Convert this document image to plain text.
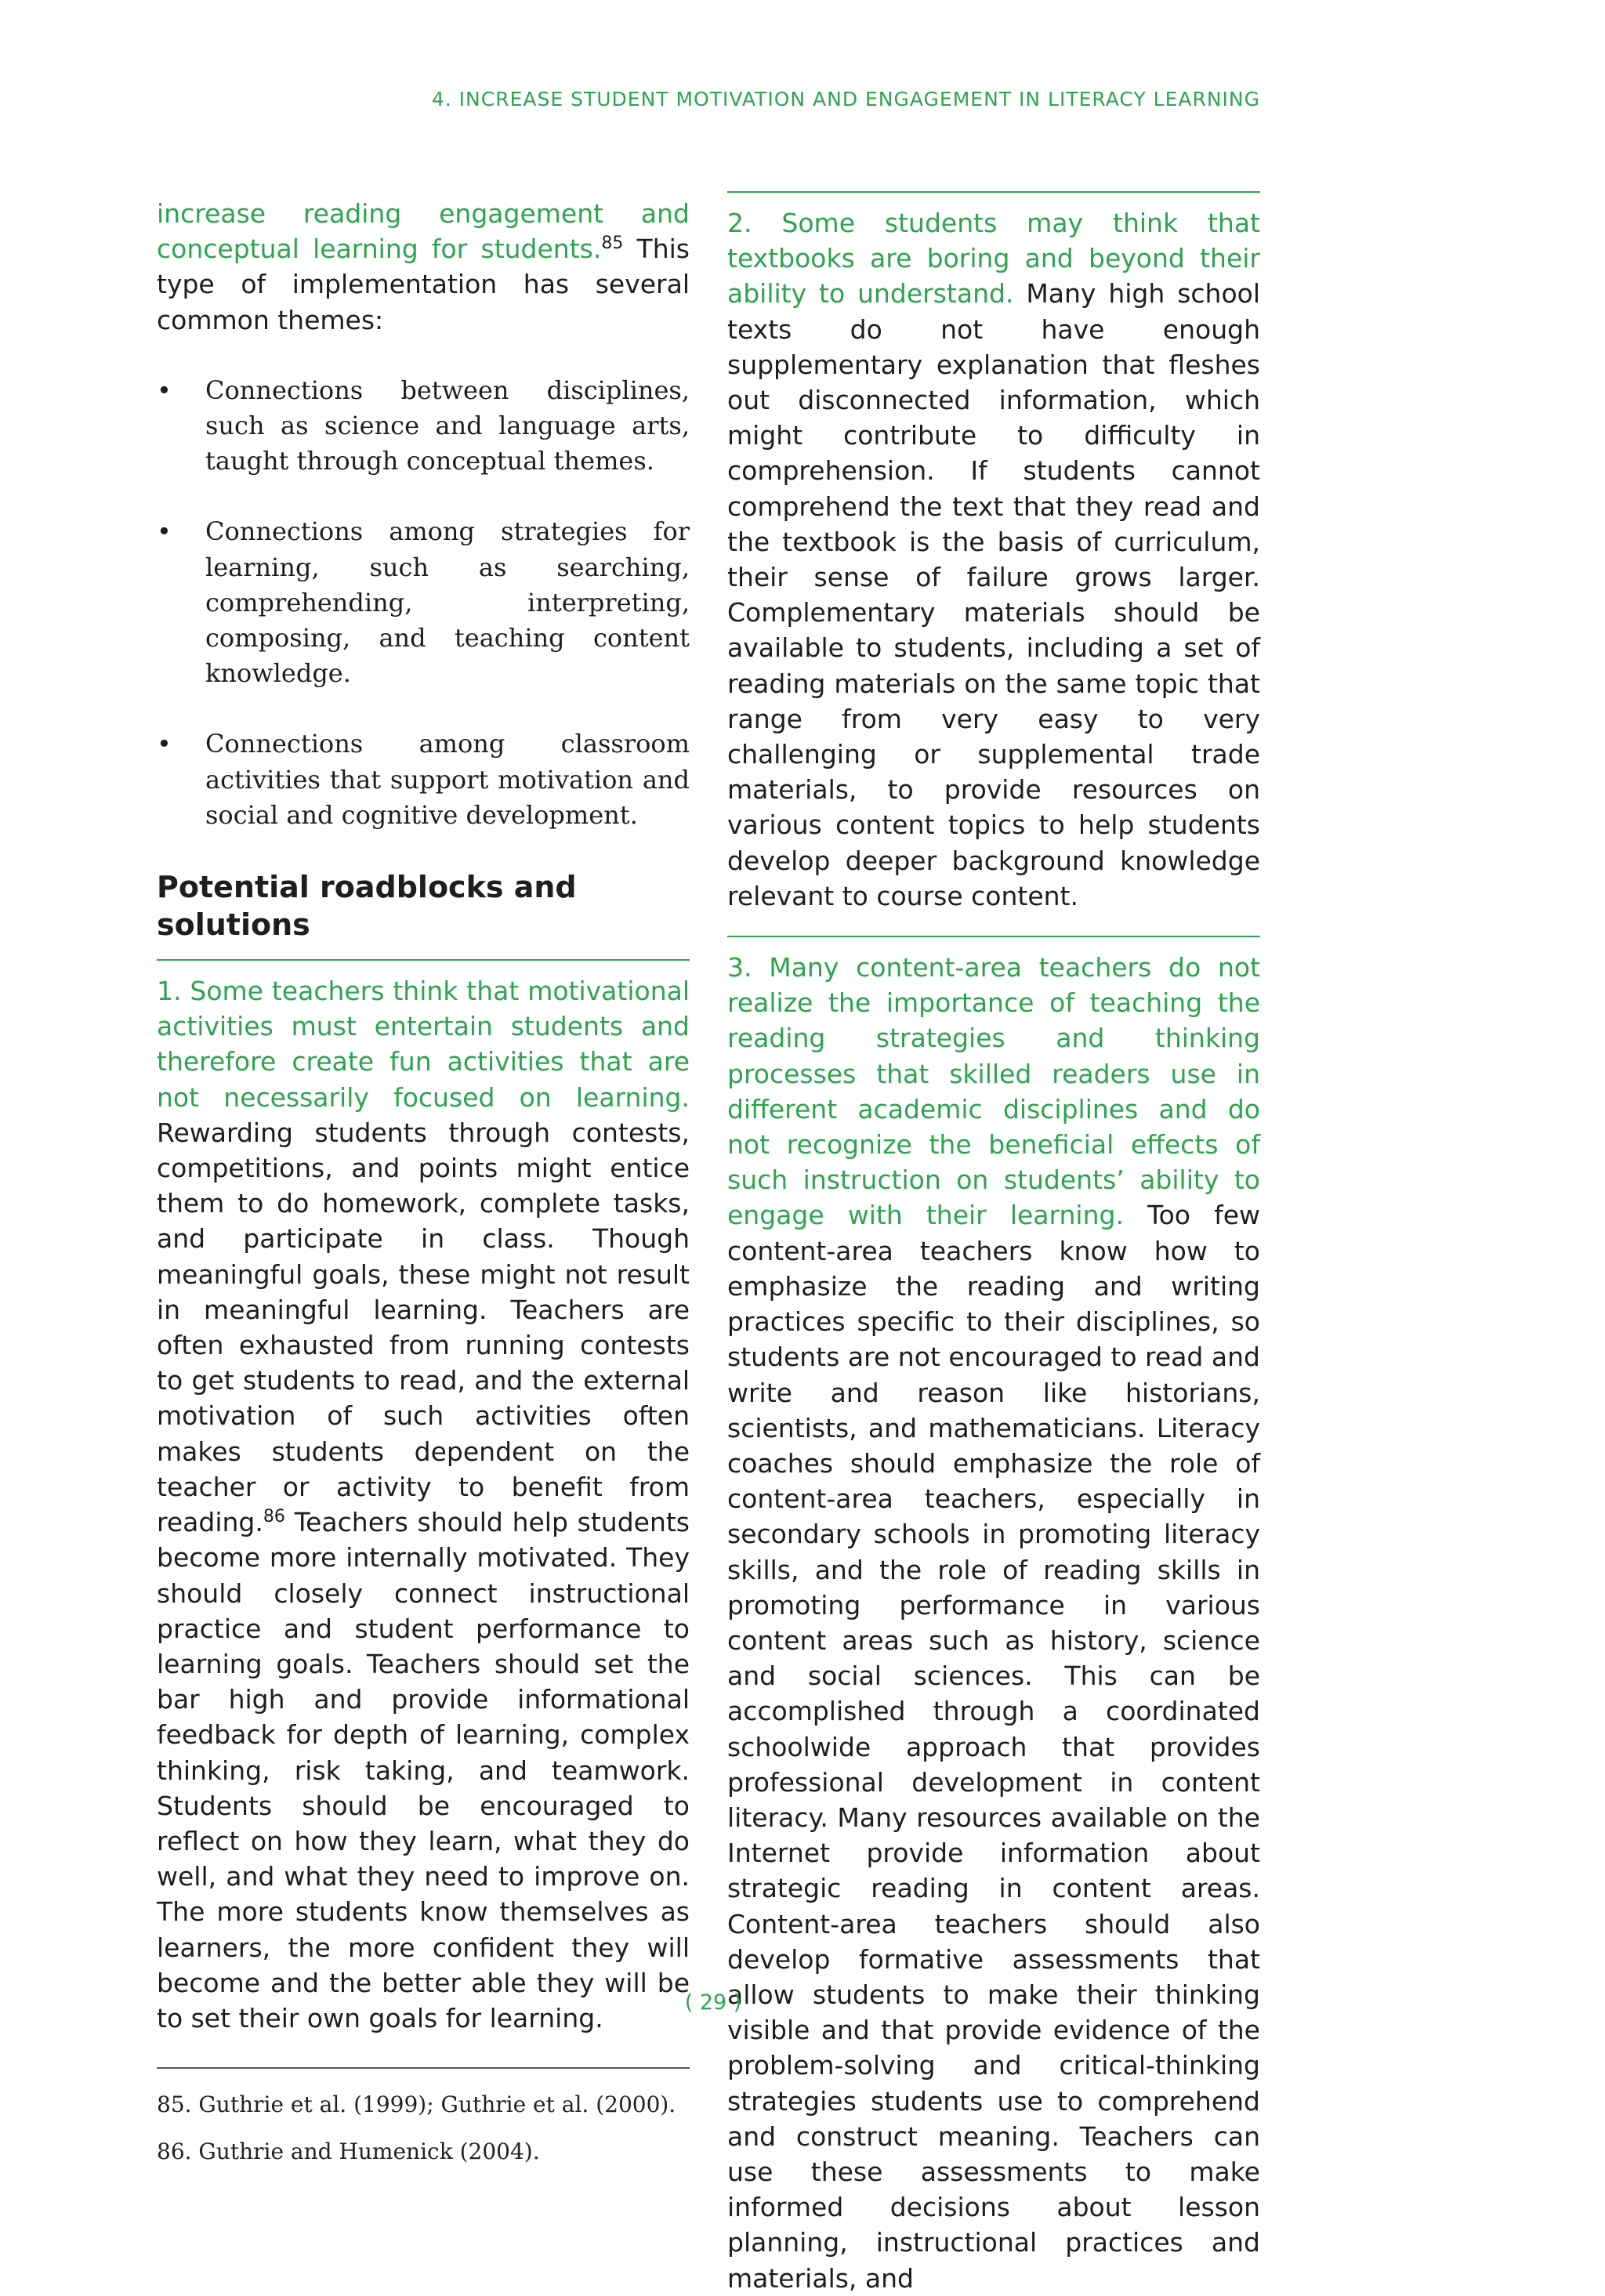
4. INCREASE STUDENT MOTIVATION AND ENGAGEMENT IN LITERACY LEARNING

increase reading engagement and conceptual learning for students.$^{85}$ This type of implementation has several common themes:

• Connections between disciplines, such as science and language arts, taught through conceptual themes.
• Connections among strategies for learning, such as searching, comprehending, interpreting, composing, and teaching content knowledge.
• Connections among classroom activities that support motivation and social and cognitive development.
Potential roadblocks and solutions

1. Some teachers think that motivational activities must entertain students and therefore create fun activities that are not necessarily focused on learning. Rewarding students through contests, competitions, and points might entice them to do homework, complete tasks, and participate in class. Though meaningful goals, these might not result in meaningful learning. Teachers are often exhausted from running contests to get students to read, and the external motivation of such activities often makes students dependent on the teacher or activity to benefit from reading.$^{86}$ Teachers should help students become more internally motivated. They should closely connect instructional practice and student performance to learning goals. Teachers should set the bar high and provide informational feedback for depth of learning, complex thinking, risk taking, and teamwork. Students should be encouraged to reflect on how they learn, what they do well, and what they need to improve on. The more students know themselves as learners, the more confident they will become and the better able they will be to set their own goals for learning.

85. Guthrie et al. (1999); Guthrie et al. (2000).
86. Guthrie and Humenick (2004).

2. Some students may think that textbooks are boring and beyond their ability to understand. Many high school texts do not have enough supplementary explanation that fleshes out disconnected information, which might contribute to difficulty in comprehension. If students cannot comprehend the text that they read and the textbook is the basis of curriculum, their sense of failure grows larger. Complementary materials should be available to students, including a set of reading materials on the same topic that range from very easy to very challenging or supplemental trade materials, to provide resources on various content topics to help students develop deeper background knowledge relevant to course content.

3. Many content-area teachers do not realize the importance of teaching the reading strategies and thinking processes that skilled readers use in different academic disciplines and do not recognize the beneficial effects of such instruction on students’ ability to engage with their learning. Too few content-area teachers know how to emphasize the reading and writing practices specific to their disciplines, so students are not encouraged to read and write and reason like historians, scientists, and mathematicians. Literacy coaches should emphasize the role of content-area teachers, especially in secondary schools in promoting literacy skills, and the role of reading skills in promoting performance in various content areas such as history, science and social sciences. This can be accomplished through a coordinated schoolwide approach that provides professional development in content literacy. Many resources available on the Internet provide information about strategic reading in content areas. Content-area teachers should also develop formative assessments that allow students to make their thinking visible and that provide evidence of the problem-solving and critical-thinking strategies students use to comprehend and construct meaning. Teachers can use these assessments to make informed decisions about lesson planning, instructional practices and materials, and

( 29 )
